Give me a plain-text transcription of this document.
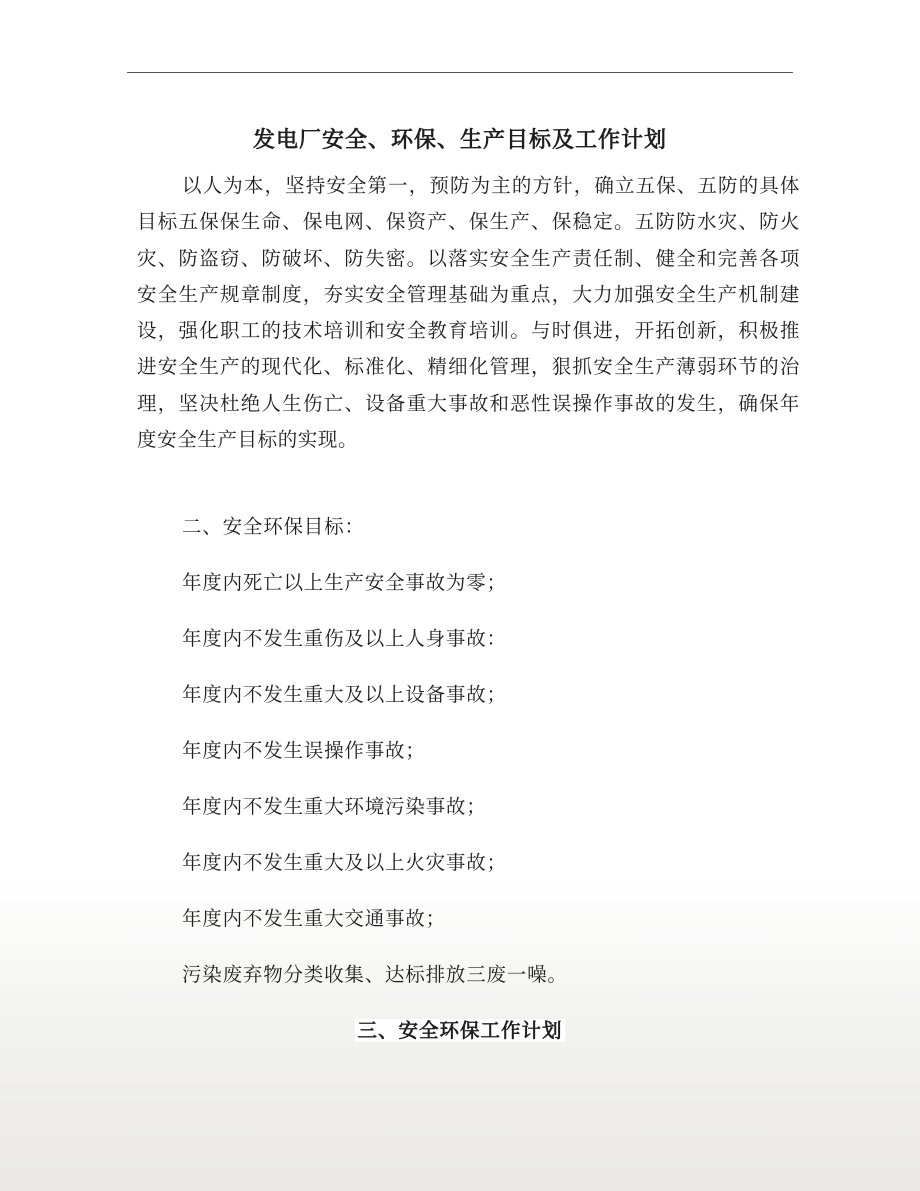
发电厂安全、环保、生产目标及工作计划

以人为本，坚持安全第一，预防为主的方针，确立五保、五防的具体目标五保保生命、保电网、保资产、保生产、保稳定。五防防水灾、防火灾、防盗窃、防破坏、防失密。以落实安全生产责任制、健全和完善各项安全生产规章制度，夯实安全管理基础为重点，大力加强安全生产机制建设，强化职工的技术培训和安全教育培训。与时俱进，开拓创新，积极推进安全生产的现代化、标准化、精细化管理，狠抓安全生产薄弱环节的治理，坚决杜绝人生伤亡、设备重大事故和恶性误操作事故的发生，确保年度安全生产目标的实现。

二、安全环保目标：

年度内死亡以上生产安全事故为零；

年度内不发生重伤及以上人身事故：

年度内不发生重大及以上设备事故；

年度内不发生误操作事故；

年度内不发生重大环境污染事故；

年度内不发生重大及以上火灾事故；

年度内不发生重大交通事故；

污染废弃物分类收集、达标排放三废一噪。

三、安全环保工作计划
